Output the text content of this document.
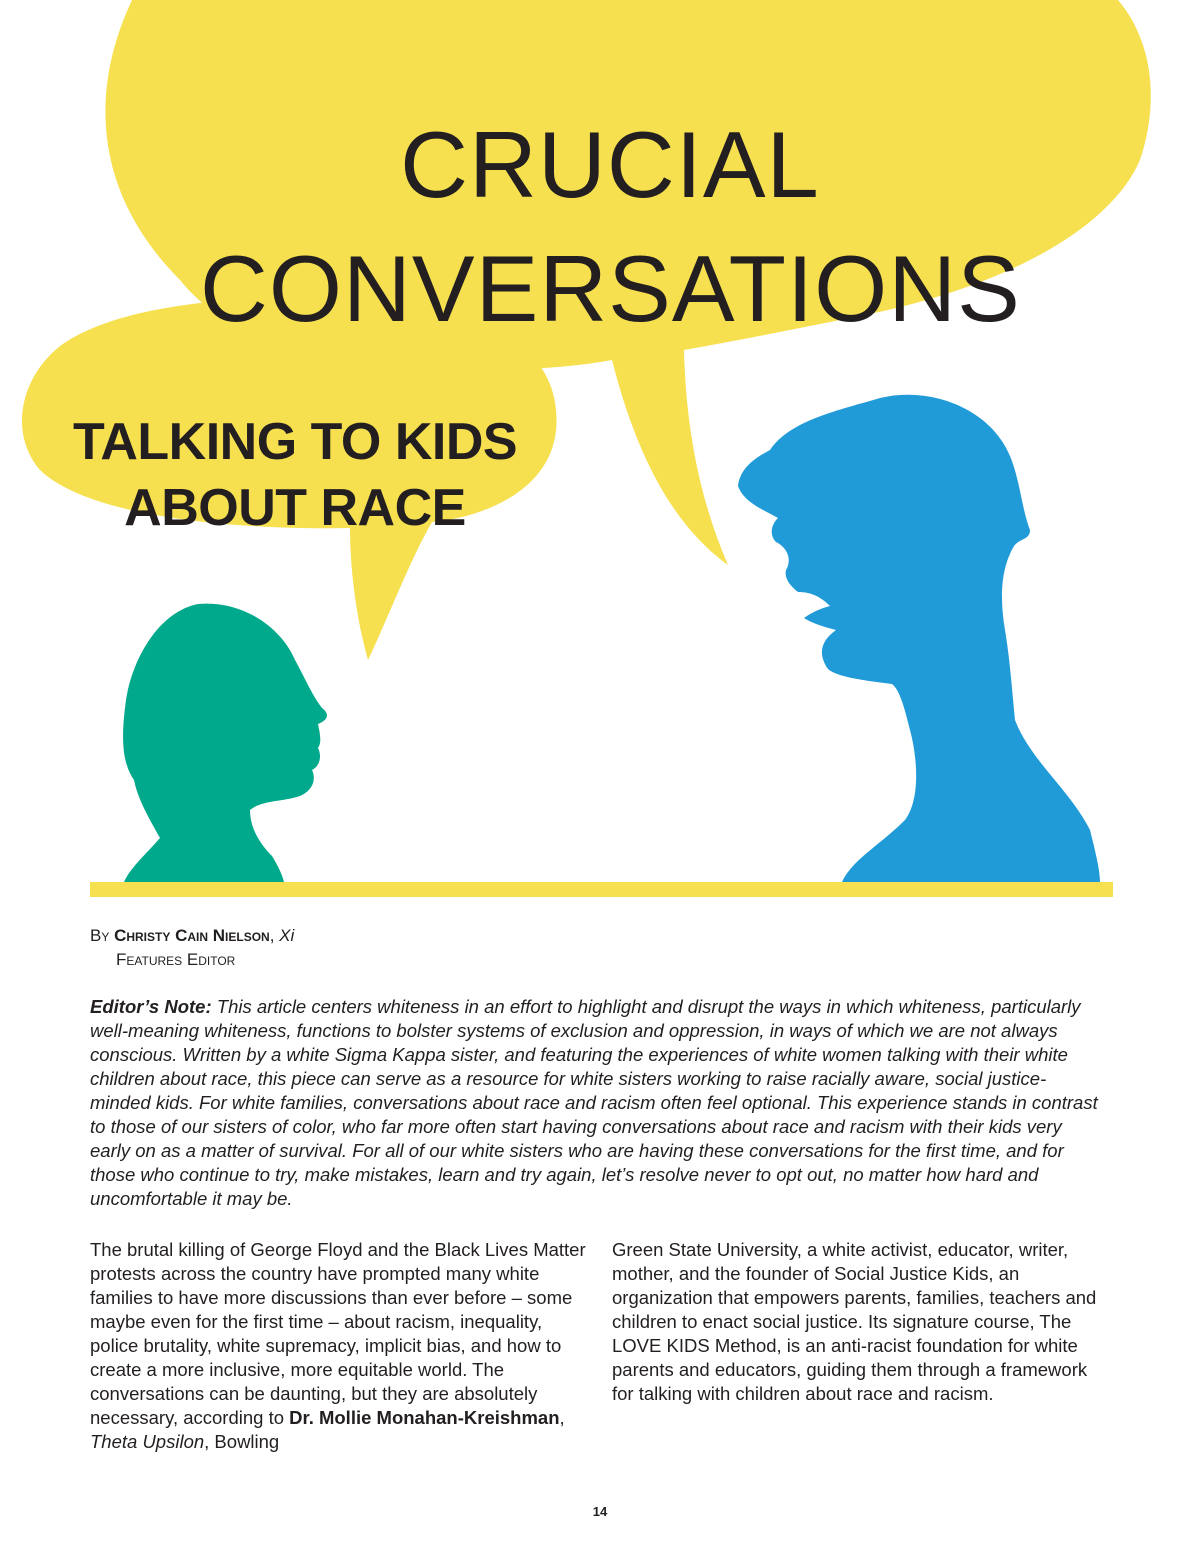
CRUCIAL
CONVERSATIONS
TALKING TO KIDS
ABOUT RACE
By Christy Cain Nielson, Xi
Features Editor

Editor’s Note: This article centers whiteness in an effort to highlight and disrupt the ways in which whiteness, particularly well-meaning whiteness, functions to bolster systems of exclusion and oppression, in ways of which we are not always conscious. Written by a white Sigma Kappa sister, and featuring the experiences of white women talking with their white children about race, this piece can serve as a resource for white sisters working to raise racially aware, social justice-minded kids. For white families, conversations about race and racism often feel optional. This experience stands in contrast to those of our sisters of color, who far more often start having conversations about race and racism with their kids very early on as a matter of survival. For all of our white sisters who are having these conversations for the first time, and for those who continue to try, make mistakes, learn and try again, let’s resolve never to opt out, no matter how hard and uncomfortable it may be.

The brutal killing of George Floyd and the Black Lives Matter protests across the country have prompted many white families to have more discussions than ever before – some maybe even for the first time – about racism, inequality, police brutality, white supremacy, implicit bias, and how to create a more inclusive, more equitable world. The conversations can be daunting, but they are absolutely necessary, according to Dr. Mollie Monahan-Kreishman, Theta Upsilon, Bowling

Green State University, a white activist, educator, writer, mother, and the founder of Social Justice Kids, an organization that empowers parents, families, teachers and children to enact social justice. Its signature course, The LOVE KIDS Method, is an anti-racist foundation for white parents and educators, guiding them through a framework for talking with children about race and racism.

14
